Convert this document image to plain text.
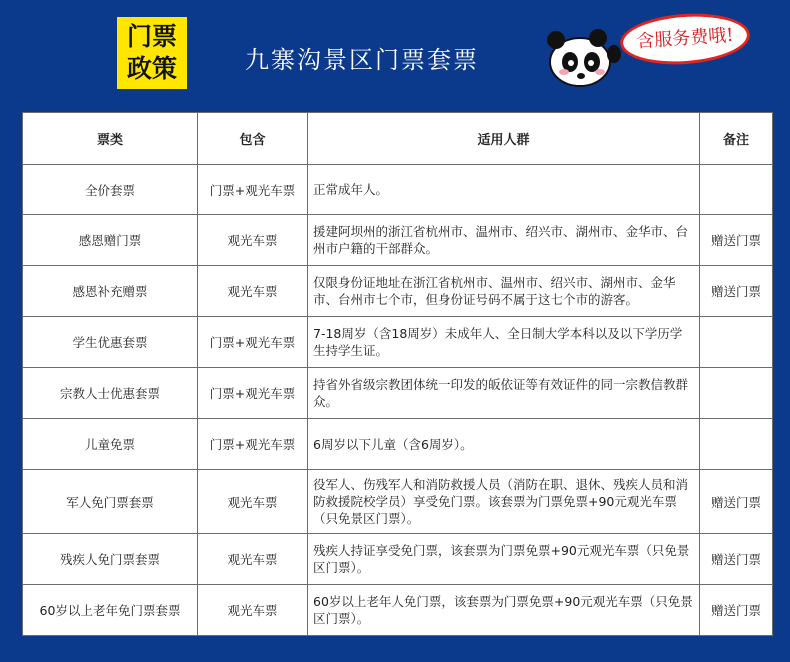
门票
政策	九寨沟景区门票套票
含服务费哦!
票类	包含	适用人群	备注
全价套票	门票+观光车票	正常成年人。	
感恩赠门票	观光车票	援建阿坝州的浙江省杭州市、温州市、绍兴市、湖州市、金华市、台州市户籍的干部群众。	赠送门票
感恩补充赠票	观光车票	仅限身份证地址在浙江省杭州市、温州市、绍兴市、湖州市、金华市、台州市七个市，但身份证号码不属于这七个市的游客。	赠送门票
学生优惠套票	门票+观光车票	7-18周岁（含18周岁）未成年人、全日制大学本科以及以下学历学生持学生证。	
宗教人士优惠套票	门票+观光车票	持省外省级宗教团体统一印发的皈依证等有效证件的同一宗教信教群众。	
儿童免票	门票+观光车票	6周岁以下儿童（含6周岁）。	
军人免门票套票	观光车票	役军人、伤残军人和消防救援人员（消防在职、退休、残疾人员和消防救援院校学员）享受免门票。该套票为门票免票+90元观光车票（只免景区门票）。	赠送门票
残疾人免门票套票	观光车票	残疾人持证享受免门票，该套票为门票免票+90元观光车票（只免景区门票）。	赠送门票
60岁以上老年免门票套票	观光车票	60岁以上老年人免门票，该套票为门票免票+90元观光车票（只免景区门票）。	赠送门票
